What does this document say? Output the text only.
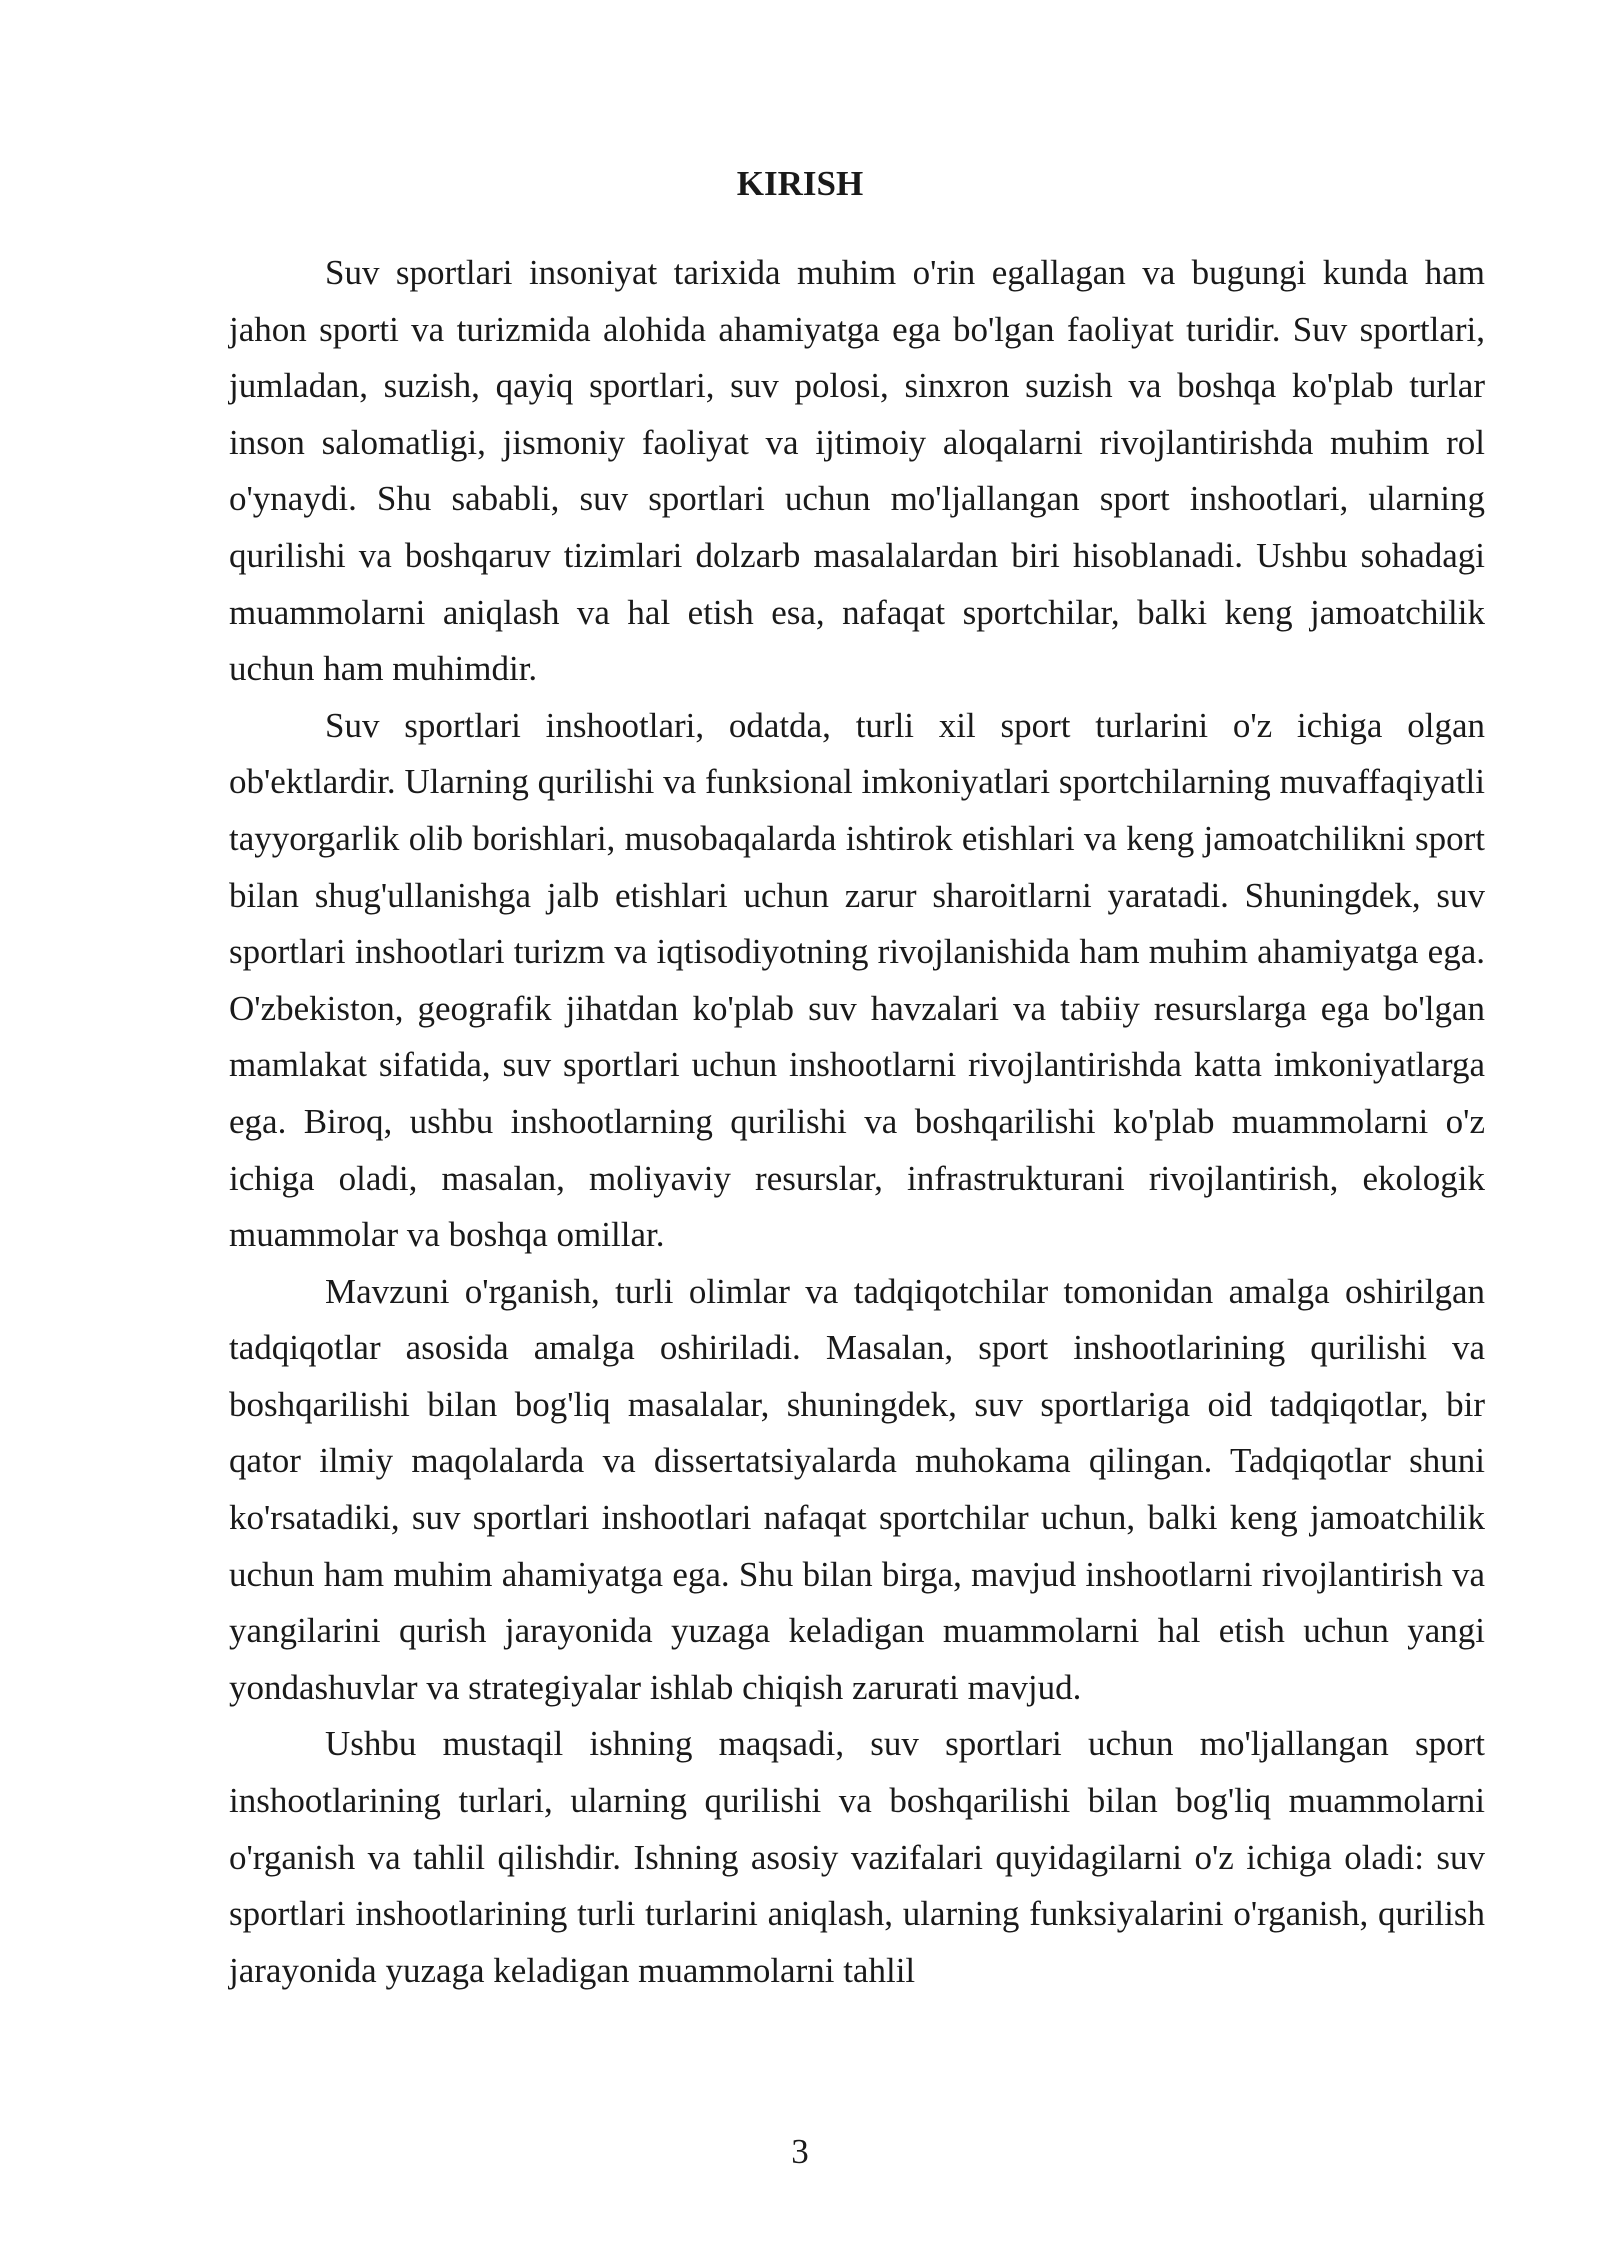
KIRISH

Suv sportlari insoniyat tarixida muhim o'rin egallagan va bugungi kunda ham jahon sporti va turizmida alohida ahamiyatga ega bo'lgan faoliyat turidir. Suv sportlari, jumladan, suzish, qayiq sportlari, suv polosi, sinxron suzish va boshqa ko'plab turlar inson salomatligi, jismoniy faoliyat va ijtimoiy aloqalarni rivojlantirishda muhim rol o'ynaydi. Shu sababli, suv sportlari uchun mo'ljallangan sport inshootlari, ularning qurilishi va boshqaruv tizimlari dolzarb masalalardan biri hisoblanadi. Ushbu sohadagi muammolarni aniqlash va hal etish esa, nafaqat sportchilar, balki keng jamoatchilik uchun ham muhimdir.

Suv sportlari inshootlari, odatda, turli xil sport turlarini o'z ichiga olgan ob'ektlardir. Ularning qurilishi va funksional imkoniyatlari sportchilarning muvaffaqiyatli tayyorgarlik olib borishlari, musobaqalarda ishtirok etishlari va keng jamoatchilikni sport bilan shug'ullanishga jalb etishlari uchun zarur sharoitlarni yaratadi. Shuningdek, suv sportlari inshootlari turizm va iqtisodiyotning rivojlanishida ham muhim ahamiyatga ega. O'zbekiston, geografik jihatdan ko'plab suv havzalari va tabiiy resurslarga ega bo'lgan mamlakat sifatida, suv sportlari uchun inshootlarni rivojlantirishda katta imkoniyatlarga ega. Biroq, ushbu inshootlarning qurilishi va boshqarilishi ko'plab muammolarni o'z ichiga oladi, masalan, moliyaviy resurslar, infrastrukturani rivojlantirish, ekologik muammolar va boshqa omillar.

Mavzuni o'rganish, turli olimlar va tadqiqotchilar tomonidan amalga oshirilgan tadqiqotlar asosida amalga oshiriladi. Masalan, sport inshootlarining qurilishi va boshqarilishi bilan bog'liq masalalar, shuningdek, suv sportlariga oid tadqiqotlar, bir qator ilmiy maqolalarda va dissertatsiyalarda muhokama qilingan. Tadqiqotlar shuni ko'rsatadiki, suv sportlari inshootlari nafaqat sportchilar uchun, balki keng jamoatchilik uchun ham muhim ahamiyatga ega. Shu bilan birga, mavjud inshootlarni rivojlantirish va yangilarini qurish jarayonida yuzaga keladigan muammolarni hal etish uchun yangi yondashuvlar va strategiyalar ishlab chiqish zarurati mavjud.

Ushbu mustaqil ishning maqsadi, suv sportlari uchun mo'ljallangan sport inshootlarining turlari, ularning qurilishi va boshqarilishi bilan bog'liq muammolarni o'rganish va tahlil qilishdir. Ishning asosiy vazifalari quyidagilarni o'z ichiga oladi: suv sportlari inshootlarining turli turlarini aniqlash, ularning funksiyalarini o'rganish, qurilish jarayonida yuzaga keladigan muammolarni tahlil

3
